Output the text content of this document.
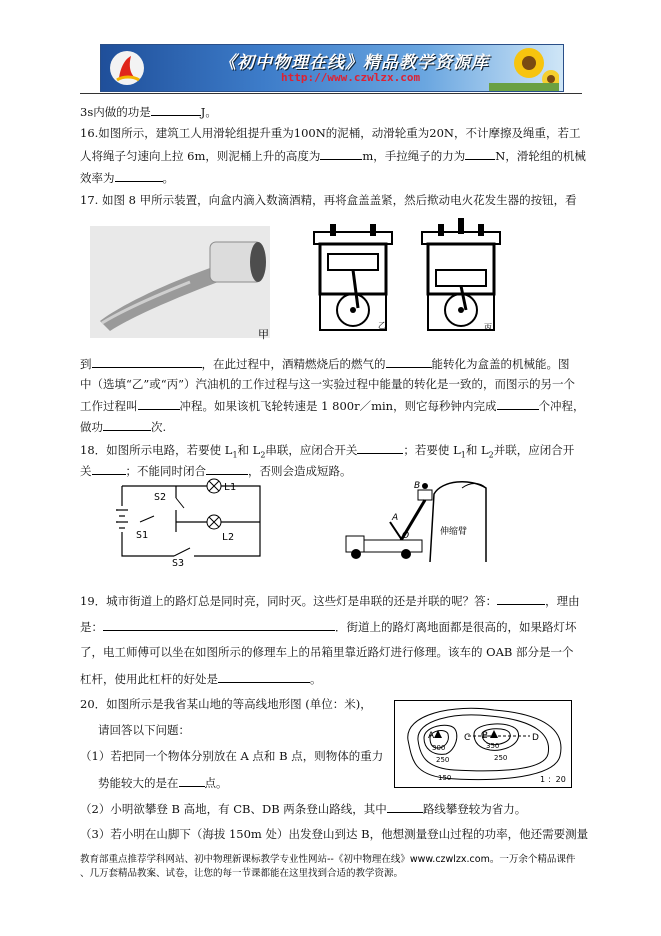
《初中物理在线》精品教学资源库
http://www.czwlzx.com
3s内做的功是	J。
16.如图所示，建筑工人用滑轮组提升重为100N的泥桶，动滑轮重为20N，不计摩擦及绳重，若工
人将绳子匀速向上拉 6m，则泥桶上升的高度为	m，手拉绳子的力为	N，滑轮组的机械
效率为	。
17. 如图 8 甲所示装置，向盒内滴入数滴酒精，再将盒盖盖紧，然后揿动电火花发生器的按钮，看
甲
乙	丙
到	，在此过程中，酒精燃烧后的燃气的	能转化为盒盖的机械能。图
中（选填“乙”或“丙”）汽油机的工作过程与这一实验过程中能量的转化是一致的，而图示的另一个
工作过程叫	冲程。如果该机飞轮转速是 1 800r／min，则它每秒钟内完成	个冲程，
做功	次.
18．如图所示电路，若要使 $L_1$和 $L_2$串联，应闭合开关	；若要使 $L_1$和 $L_2$并联，应闭合开
关	；不能同时闭合	，否则会造成短路。
S2
S1
S3
L1
L2
A
O
B
伸缩臂
19．城市街道上的路灯总是同时亮，同时灭。这些灯是串联的还是并联的呢？答：	，理由
是：	．街道上的路灯离地面都是很高的，如果路灯坏
了，电工师傅可以坐在如图所示的修理车上的吊箱里靠近路灯进行修理。该车的 OAB 部分是一个
杠杆，使用此杠杆的好处是	。
20．如图所示是我省某山地的等高线地形图 (单位：米)，
请回答以下问题：
（1）若把同一个物体分别放在 A 点和 B 点，则物体的重力
势能较大的是在 点。
A	B
C	D
300	350
250	250
150	1 ：20
（2）小明欲攀登 B 高地，有 CB、DB 两条登山路线，其中	路线攀登较为省力。
（3）若小明在山脚下（海拔 150m 处）出发登山到达 B，他想测量登山过程的功率，他还需要测量
教育部重点推荐学科网站、初中物理新课标教学专业性网站--《初中物理在线》www.czwlzx.com。一万余个精品课件
、几万套精品教案、试卷，让您的每一节课都能在这里找到合适的教学资源。
